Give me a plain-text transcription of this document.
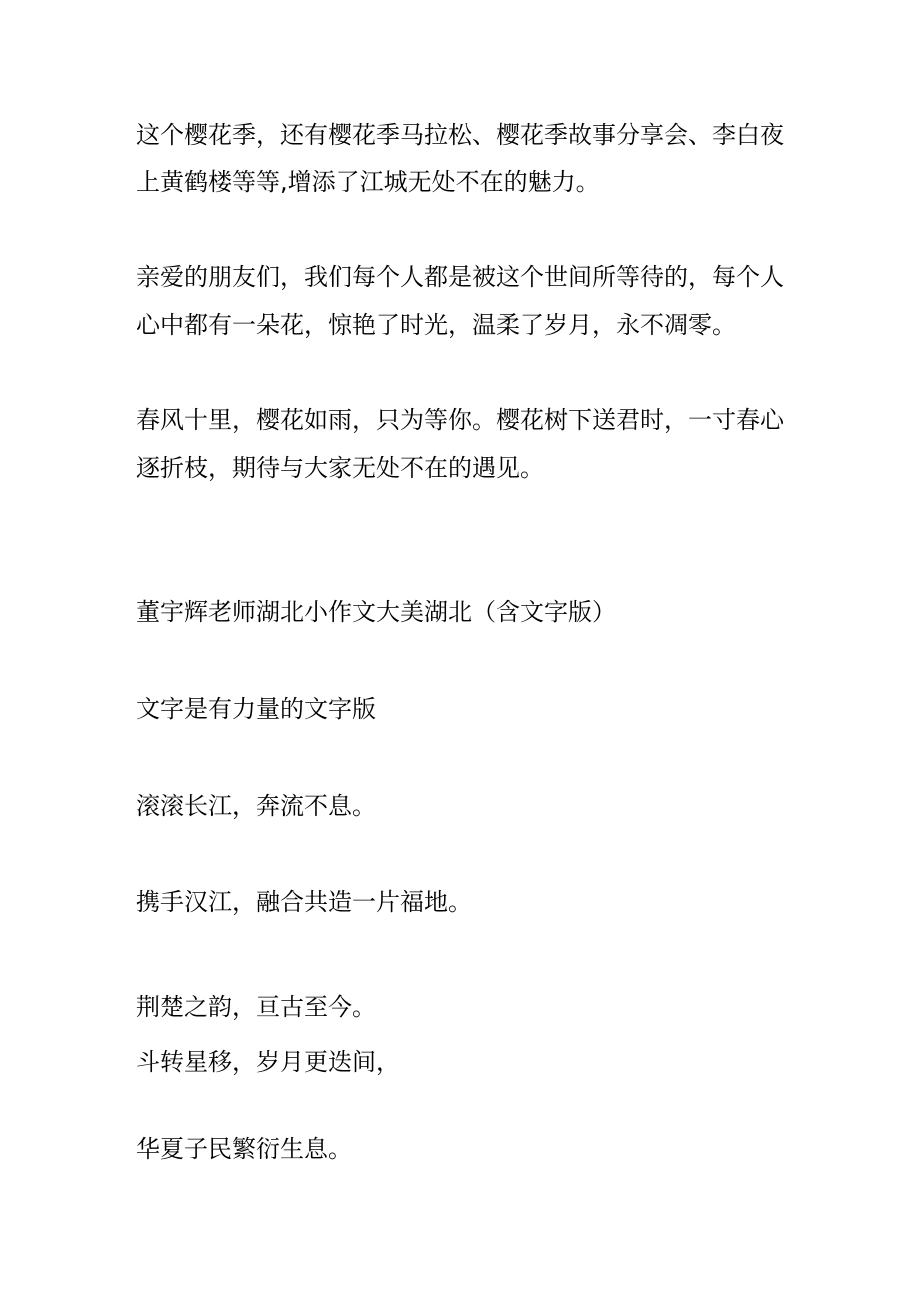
这个樱花季，还有樱花季马拉松、樱花季故事分享会、李白夜
上黄鹤楼等等,增添了江城无处不在的魅力。
亲爱的朋友们，我们每个人都是被这个世间所等待的，每个人
心中都有一朵花，惊艳了时光，温柔了岁月，永不凋零。
春风十里，樱花如雨，只为等你。樱花树下送君时，一寸春心
逐折枝，期待与大家无处不在的遇见。
董宇辉老师湖北小作文大美湖北（含文字版）
文字是有力量的文字版
滚滚长江，奔流不息。
携手汉江，融合共造一片福地。
荆楚之韵，亘古至今。
斗转星移，岁月更迭间，
华夏子民繁衍生息。
